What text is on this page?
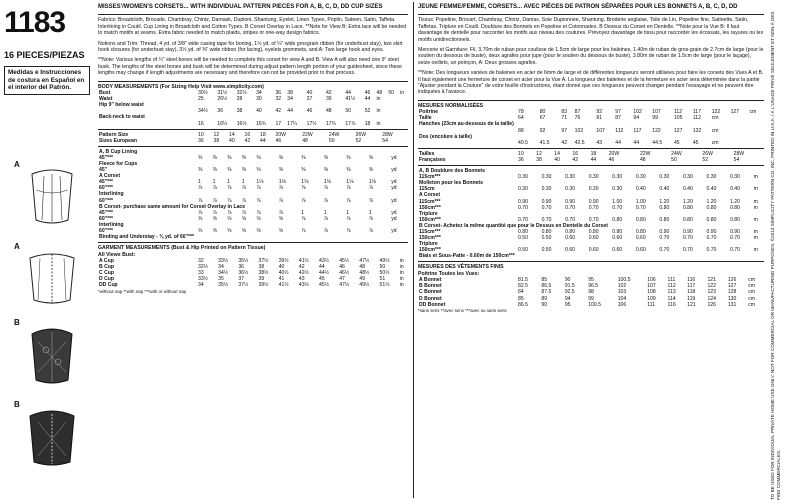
1183
16 PIECES/PIEZAS
Medidas e Instrucciones de costura en Español en el interior del Patrón.
A
A
B
B

MISSES'/WOMEN'S CORSETS... WITH INDIVIDUAL PATTERN PIECES FOR A, B, C, D, DD CUP SIZES

Fabrics: Broadcloth, Brocade, Chambray, Chintz, Damask, Dupioni, Shantung, Eyelet, Linen Types, Poplin, Sateen, Satin, Taffeta. Interlining in Coutil. Cup Lining in Broadcloth and Cotton Types. B Corset Overlay in Lace. **Note for View B: Extra lace will be needed to match motifs at seams. Extra fabric needed to match plaids, stripes or one-way design fabrics.

Notions and Trim: Thread, 4 yd. of 3/8" wide casing tape for boning, 1½ yd. of ¼" wide grosgrain ribbon (for underbust stay), two skirt hook closures (for underbust stay), 3½ yd. of ⅜" wide ribbon (for lacing), eyelets grommets, and A: Two large hook and eyes.

**Note: Various lengths of ¼" steel bones will be needed to complete this corset for view A and B. View A will also need one 9" steel busk. The lengths of the steel bones and busk will be determined during adjust pattern length portion of your guidesheet, since these lengths may change if length adjustments are necessary and therefore can not be provided prior to that process.

BODY MEASUREMENTS (For Sizing Help Visit www.simplicity.com)
Bust	30½	31½	32½	34	36	38	40	42	44	46	48	50	in
Waist	25	26½	28	30	32	34	37	39	41½	44	in		
Hip 9" below waist													
	34½	36	38	40	42	44	46	48	50	52	in		
Back-neck to waist													
	16	16¼	16½	16¾	17	17¼	17½	17¾	17⅞	18	in		
Pattern Size	10	12	14	16	18	20W	22W	24W	26W	28W
Sizes European	36	38	40	42	44	46	48	50	52	54
A, B Cup Lining											
45"***	⅜	⅜	⅜	⅜	⅜	⅜	⅜	⅜	⅜	⅜	yd
Fleece for Cups											
45"	⅜	⅜	⅜	⅜	⅜	⅜	⅜	⅜	⅜	⅜	yd
A Corset											
45"***	1	1	1	1	1⅛	1⅛	1⅛	1⅛	1⅛	1⅛	yd
60"***	⅞	⅞	⅞	⅞	⅞	⅞	⅞	⅞	⅞	⅞	yd
Interlining											
60"***	⅞	⅞	⅞	⅞	⅞	⅞	⅞	⅞	⅞	⅞	yd
B Corset- purchase same amount for Corset Overlay in Lace											
45"***	⅞	⅞	⅞	⅞	⅞	⅞	1	1	1	1	yd
60"***	⅝	⅝	⅝	⅝	⅝	⅝	⅞	⅞	⅞	⅞	yd
Interlining											
60"***	⅝	⅝	⅝	⅝	⅝	⅝	⅞	⅞	⅞	⅞	yd
Binding and Understay - ⅜ yd. of 60"***											
GARMENT MEASUREMENTS (Bust & Hip Printed on Pattern Tissue)
All Views Bust:
A Cup	32	33½	35½	37½	39½	41½	43½	45½	47½	49½	in
B Cup	32½	34	36	38	40	42	44	46	48	50	in
C Cup	33	34½	36½	38½	40½	42½	44½	46½	48½	50½	in
D Cup	33½	35	37	39	41	43	45	47	49	51	in
DD Cup	34	35½	37½	39½	41½	43½	45½	47½	49½	51½	in
*without nap **with nap ***with or without nap

JEUNE FEMME/FEMME, CORSETS... AVEC PIÈCES DE PATRON SÉPARÉES POUR LES BONNETS A, B, C, D, DD

Tissus: Popeline, Brocart, Chambray, Chintz, Damas, Soie Dupionnée, Shantung, Broderie anglaise, Toile de Lin, Popeline fine, Satinette, Satin, Taffetas. Triplure en Coutil. Doublure des Bonnets en Popeline et Cotonnades. B Dessus du Corset en Dentelle. **Note pour la Vue B: Il faut davantage de dentelle pour raccorder les motifs aux niveau des coutures. Prévoyez davantage de tissu pour raccorder les écossais, les rayures ou les motifs unidirectionnels.

Mercerie et Garniture: Fil, 3.70m de ruban pour coulisse de 1.5cm de large pour les baleines, 1.40m de ruban de gros-grain de 2.7cm de large (pour le soutien du dessous de buste), deux agrafes pour jupe (pour le soutien du dessous de buste), 3.80m de ruban de 1.5cm de large (pour le laçage), seize oeillets, un poinçon, A: Deux grosses agrafes.

**Note: Des longueurs variées de baleines en acier de 6mm de large et de différentes longueurs seront utilisées pour faire les corsets des Vues A et B. Il faut également une fermeture de corset en acier pour la Vue A. La longueur des baleines et de la fermeture en acier sera déterminée dans la partie "Ajuster pendant la Couture" de votre feuille d'instructions, étant donné que ces longueurs peuvent changer pendant l'essayage et ne peuvent être indiquées à l'avance.

MESURES NORMALISÉES
Poitrine	78	80	83	87	92	97	102	107	112	117	122	127	cm
Taille	64	67	71	76	81	87	94	99	105	112	cm		
Hanches (23cm au-dessous de la taille)													
	88	92	97	102	107	112	117	122	127	132	cm		
Dos (encolure à taille)													
	40.5	41.5	42	42.5	43	44	44	44.5	45	45	cm		
Tailles	10	12	14	16	18	20W	22W	24W	26W	28W
Françaises	36	38	40	42	44	46	48	50	52	54
A, B Doublure des Bonnets											
115cm***	0.30	0.30	0.30	0.30	0.30	0.30	0.30	0.30	0.30	0.30	m
Molleton pour les Bonnets											
115cm	0.30	0.30	0.30	0.30	0.30	0.40	0.40	0.40	0.40	0.40	m
A Corset											
115cm***	0.90	0.90	0.90	0.90	1.00	1.00	1.20	1.20	1.20	1.20	m
150cm***	0.70	0.70	0.70	0.70	0.70	0.70	0.80	0.80	0.80	0.80	m
Triplure											
150cm***	0.70	0.70	0.70	0.70	0.80	0.80	0.80	0.80	0.80	0.80	m
B Corset- Achetez la même quantité que pour le Dessus en Dentelle du Corset											
115cm***	0.80	0.80	0.80	0.80	0.80	0.80	0.90	0.90	0.90	0.90	m
150cm***	0.50	0.50	0.60	0.60	0.60	0.60	0.70	0.70	0.70	0.70	m
Triplure											
150cm***	0.50	0.50	0.60	0.60	0.60	0.60	0.70	0.70	0.70	0.70	m
Biais et Sous-Patte - 0.60m de 150cm***											
MESURES DES VÊTEMENTS FINIS
Poitrine Toutes les Vues:
A Bonnet	81.5	85	90	95	100.5	106	111	116	121	126	cm
B Bonnet	82.5	86.5	91.5	96.5	102	107	112	117	122	127	cm
C Bonnet	84	87.5	92.5	98	103	108	113	118	123	128	cm
D Bonnet	85	89	94	99	104	109	114	119	124	130	cm
DD Bonnet	86.5	90	95	100.5	106	111	116	121	126	131	cm
*sans sens **avec sens ***avec ou sans sens	TO BE USED FOR INDIVIDUAL PRIVATE HOME USE ONLY. NOT FOR COMMERCIAL OR MANUFACTURING PURPOSES. ©2013 SIMPLICITY PATTERN CO. INC. PRINTED IN U.S.A. / À L'USAGE PRIVÉ SEULEMENT ET NON À DES FINS COMMERCIALES.
